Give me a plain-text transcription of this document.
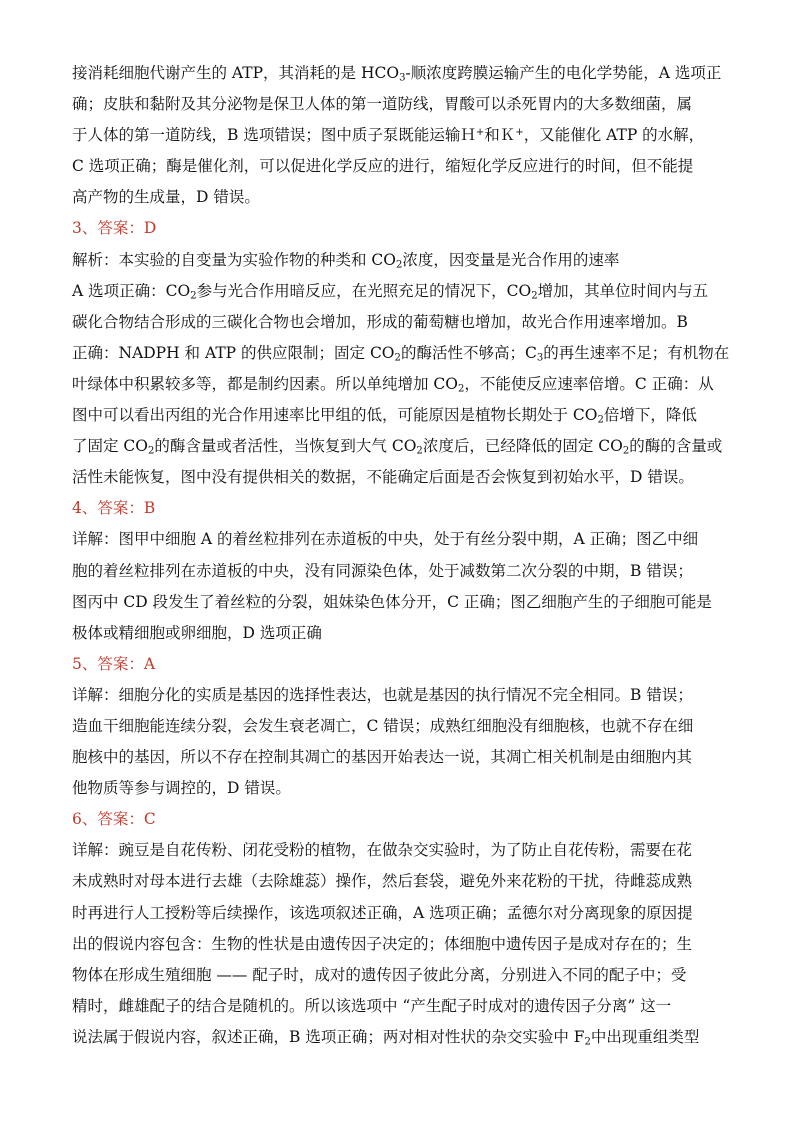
接消耗细胞代谢产生的 ATP，其消耗的是 $HCO_3-$顺浓度跨膜运输产生的电化学势能，A 选项正
确；皮肤和黏附及其分泌物是保卫人体的第一道防线，胃酸可以杀死胃内的大多数细菌，属
于人体的第一道防线，B 选项错误；图中质子泵既能运输Ｈ+和Ｋ+，又能催化 ATP 的水解，
C 选项正确；酶是催化剂，可以促进化学反应的进行，缩短化学反应进行的时间，但不能提
高产物的生成量，D 错误。
3、答案：D
解析：本实验的自变量为实验作物的种类和 $CO_2$浓度，因变量是光合作用的速率
A 选项正确：$CO_2$参与光合作用暗反应，在光照充足的情况下，$CO_2$增加，其单位时间内与五
碳化合物结合形成的三碳化合物也会增加，形成的葡萄糖也增加，故光合作用速率增加。B
正确：NADPH 和 ATP 的供应限制；固定 $CO_2$的酶活性不够高；$C_3$的再生速率不足；有机物在
叶绿体中积累较多等，都是制约因素。所以单纯增加 $CO_2$，不能使反应速率倍增。C 正确：从
图中可以看出丙组的光合作用速率比甲组的低，可能原因是植物长期处于 $CO_2$倍增下，降低
了固定 $CO_2$的酶含量或者活性，当恢复到大气 $CO_2$浓度后，已经降低的固定 $CO_2$的酶的含量或
活性未能恢复，图中没有提供相关的数据，不能确定后面是否会恢复到初始水平，D 错误。
4、答案：B
详解：图甲中细胞 A 的着丝粒排列在赤道板的中央，处于有丝分裂中期，A 正确；图乙中细
胞的着丝粒排列在赤道板的中央，没有同源染色体，处于减数第二次分裂的中期，B 错误；
图丙中 CD 段发生了着丝粒的分裂，姐妹染色体分开，C 正确；图乙细胞产生的子细胞可能是
极体或精细胞或卵细胞，D 选项正确
5、答案：A
详解：细胞分化的实质是基因的选择性表达，也就是基因的执行情况不完全相同。B 错误；
造血干细胞能连续分裂，会发生衰老凋亡，C 错误；成熟红细胞没有细胞核，也就不存在细
胞核中的基因，所以不存在控制其凋亡的基因开始表达一说，其凋亡相关机制是由细胞内其
他物质等参与调控的，D 错误。
6、答案：C
详解：豌豆是自花传粉、闭花受粉的植物，在做杂交实验时，为了防止自花传粉，需要在花
未成熟时对母本进行去雄（去除雄蕊）操作，然后套袋，避免外来花粉的干扰，待雌蕊成熟
时再进行人工授粉等后续操作，该选项叙述正确，A 选项正确；孟德尔对分离现象的原因提
出的假说内容包含：生物的性状是由遗传因子决定的；体细胞中遗传因子是成对存在的；生
物体在形成生殖细胞 —— 配子时，成对的遗传因子彼此分离，分别进入不同的配子中；受
精时，雌雄配子的结合是随机的。所以该选项中 “产生配子时成对的遗传因子分离” 这一
说法属于假说内容，叙述正确，B 选项正确；两对相对性状的杂交实验中 $F_2$中出现重组类型
